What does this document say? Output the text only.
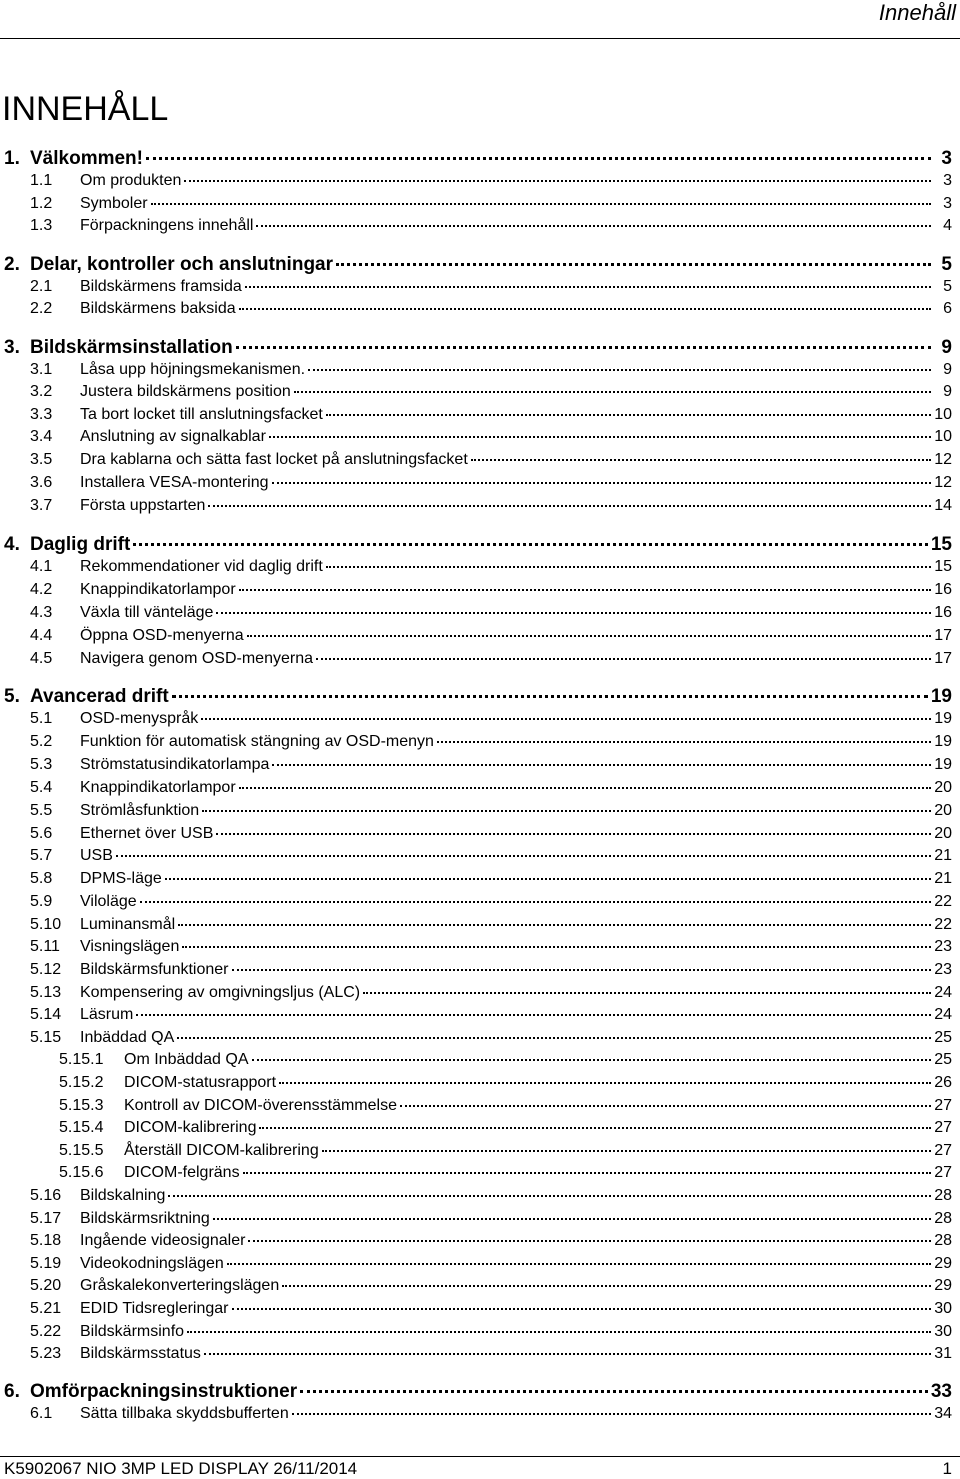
Innehåll
INNEHÅLL
1. Välkommen!	3
1.1	Om produkten	3
1.2	Symboler	3
1.3	Förpackningens innehåll	4
2. Delar, kontroller och anslutningar	5
2.1	Bildskärmens framsida	5
2.2	Bildskärmens baksida	6
3. Bildskärmsinstallation	9
3.1	Låsa upp höjningsmekanismen.	9
3.2	Justera bildskärmens position	9
3.3	Ta bort locket till anslutningsfacket	10
3.4	Anslutning av signalkablar	10
3.5	Dra kablarna och sätta fast locket på anslutningsfacket	12
3.6	Installera VESA-montering	12
3.7	Första uppstarten	14
4. Daglig drift	15
4.1	Rekommendationer vid daglig drift	15
4.2	Knappindikatorlampor	16
4.3	Växla till vänteläge	16
4.4	Öppna OSD-menyerna	17
4.5	Navigera genom OSD-menyerna	17
5. Avancerad drift	19
5.1	OSD-menyspråk	19
5.2	Funktion för automatisk stängning av OSD-menyn	19
5.3	Strömstatusindikatorlampa	19
5.4	Knappindikatorlampor	20
5.5	Strömlåsfunktion	20
5.6	Ethernet över USB	20
5.7	USB	21
5.8	DPMS-läge	21
5.9	Viloläge	22
5.10	Luminansmål	22
5.11	Visningslägen	23
5.12	Bildskärmsfunktioner	23
5.13	Kompensering av omgivningsljus (ALC)	24
5.14	Läsrum	24
5.15	Inbäddad QA	25
5.15.1	Om Inbäddad QA	25
5.15.2	DICOM-statusrapport	26
5.15.3	Kontroll av DICOM-överensstämmelse	27
5.15.4	DICOM-kalibrering	27
5.15.5	Återställ DICOM-kalibrering	27
5.15.6	DICOM-felgräns	27
5.16	Bildskalning	28
5.17	Bildskärmsriktning	28
5.18	Ingående videosignaler	28
5.19	Videokodningslägen	29
5.20	Gråskalekonverteringslägen	29
5.21	EDID Tidsregleringar	30
5.22	Bildskärmsinfo	30
5.23	Bildskärmsstatus	31
6. Omförpackningsinstruktioner	33
6.1	Sätta tillbaka skyddsbufferten	34
K5902067 NIO 3MP LED DISPLAY 26/11/2014	1
